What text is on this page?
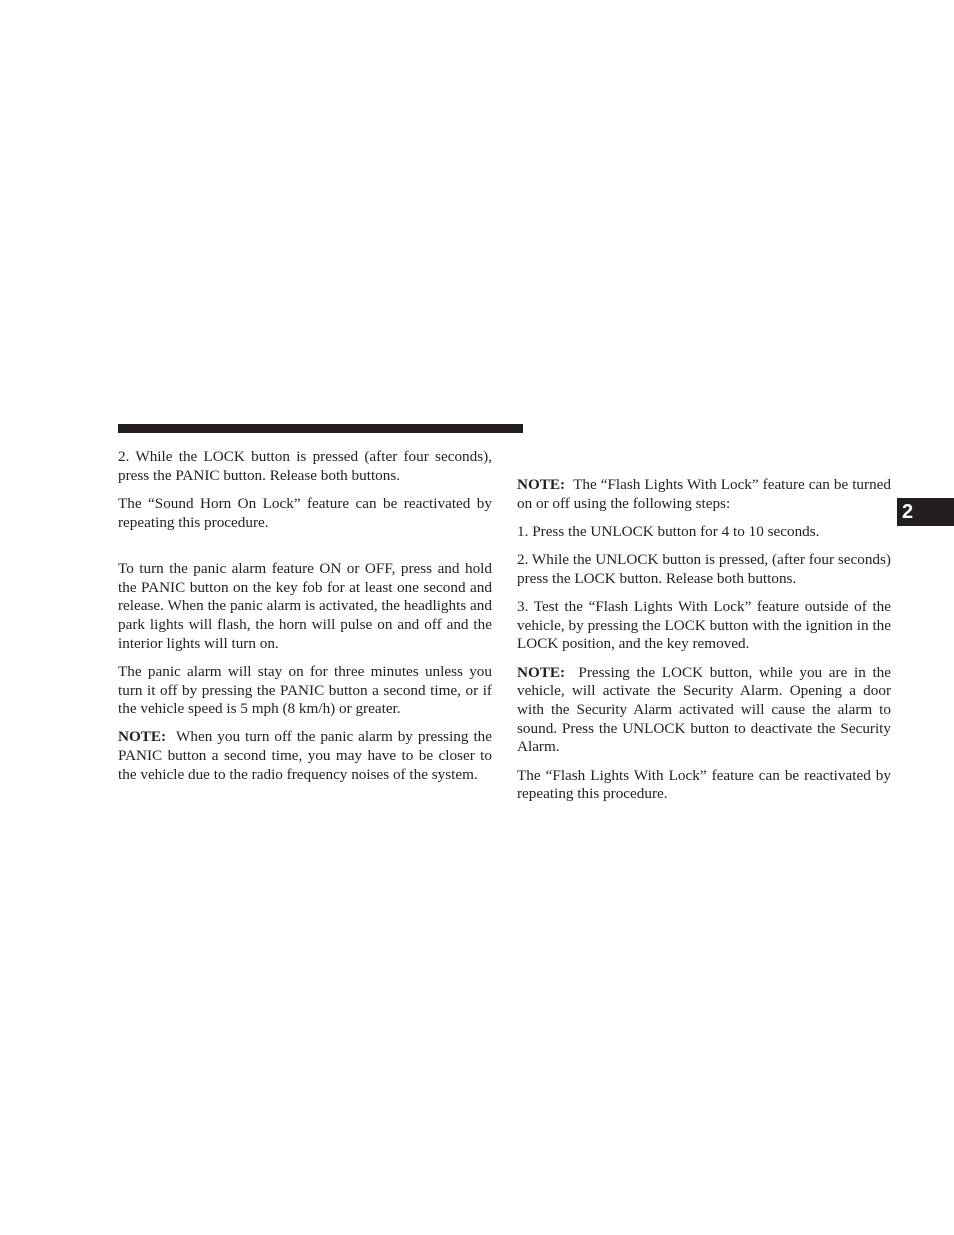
2. While the LOCK button is pressed (after four seconds), press the PANIC button. Release both buttons.

The “Sound Horn On Lock” feature can be reactivated by repeating this procedure.

To turn the panic alarm feature ON or OFF, press and hold the PANIC button on the key fob for at least one second and release. When the panic alarm is activated, the headlights and park lights will flash, the horn will pulse on and off and the interior lights will turn on.

The panic alarm will stay on for three minutes unless you turn it off by pressing the PANIC button a second time, or if the vehicle speed is 5 mph (8 km/h) or greater.

NOTE: When you turn off the panic alarm by pressing the PANIC button a second time, you may have to be closer to the vehicle due to the radio frequency noises of the system.

NOTE: The “Flash Lights With Lock” feature can be turned on or off using the following steps:

1. Press the UNLOCK button for 4 to 10 seconds.

2. While the UNLOCK button is pressed, (after four seconds) press the LOCK button. Release both buttons.

3. Test the “Flash Lights With Lock” feature outside of the vehicle, by pressing the LOCK button with the ignition in the LOCK position, and the key removed.

NOTE: Pressing the LOCK button, while you are in the vehicle, will activate the Security Alarm. Opening a door with the Security Alarm activated will cause the alarm to sound. Press the UNLOCK button to deactivate the Security Alarm.

The “Flash Lights With Lock” feature can be reactivated by repeating this procedure.

2
